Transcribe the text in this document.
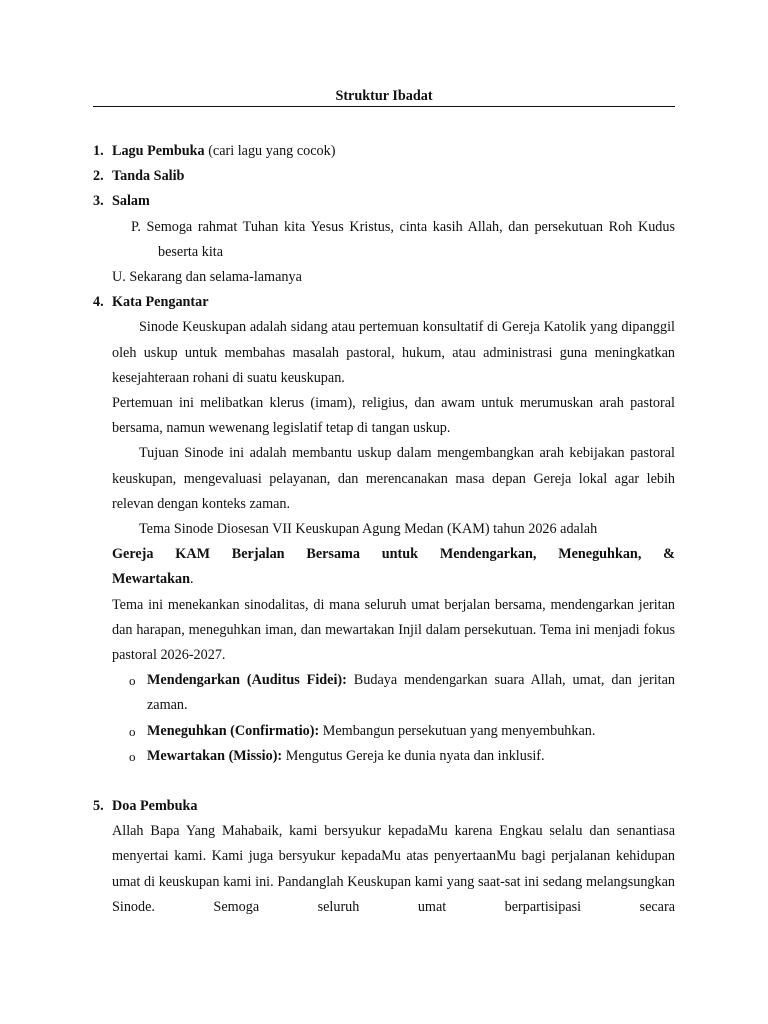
Struktur Ibadat
1. Lagu Pembuka (cari lagu yang cocok)
2. Tanda Salib
3. Salam
P. Semoga rahmat Tuhan kita Yesus Kristus, cinta kasih Allah, dan persekutuan Roh Kudus beserta kita
U. Sekarang dan selama-lamanya
4. Kata Pengantar
Sinode Keuskupan adalah sidang atau pertemuan konsultatif di Gereja Katolik yang dipanggil oleh uskup untuk membahas masalah pastoral, hukum, atau administrasi guna meningkatkan kesejahteraan rohani di suatu keuskupan.
Pertemuan ini melibatkan klerus (imam), religius, dan awam untuk merumuskan arah pastoral bersama, namun wewenang legislatif tetap di tangan uskup.
Tujuan Sinode ini adalah membantu uskup dalam mengembangkan arah kebijakan pastoral keuskupan, mengevaluasi pelayanan, dan merencanakan masa depan Gereja lokal agar lebih relevan dengan konteks zaman.
Tema Sinode Diosesan VII Keuskupan Agung Medan (KAM) tahun 2026 adalah
Gereja KAM Berjalan Bersama untuk Mendengarkan, Meneguhkan, &
Mewartakan.
Tema ini menekankan sinodalitas, di mana seluruh umat berjalan bersama, mendengarkan jeritan dan harapan, meneguhkan iman, dan mewartakan Injil dalam persekutuan. Tema ini menjadi fokus pastoral 2026-2027.
o Mendengarkan (Auditus Fidei): Budaya mendengarkan suara Allah, umat, dan jeritan zaman.
o Meneguhkan (Confirmatio): Membangun persekutuan yang menyembuhkan.
o Mewartakan (Missio): Mengutus Gereja ke dunia nyata dan inklusif.
5. Doa Pembuka
Allah Bapa Yang Mahabaik, kami bersyukur kepadaMu karena Engkau selalu dan senantiasa menyertai kami. Kami juga bersyukur kepadaMu atas penyertaanMu bagi perjalanan kehidupan umat di keuskupan kami ini. Pandanglah Keuskupan kami yang saat-sat ini sedang melangsungkan Sinode. Semoga seluruh umat berpartisipasi secara
